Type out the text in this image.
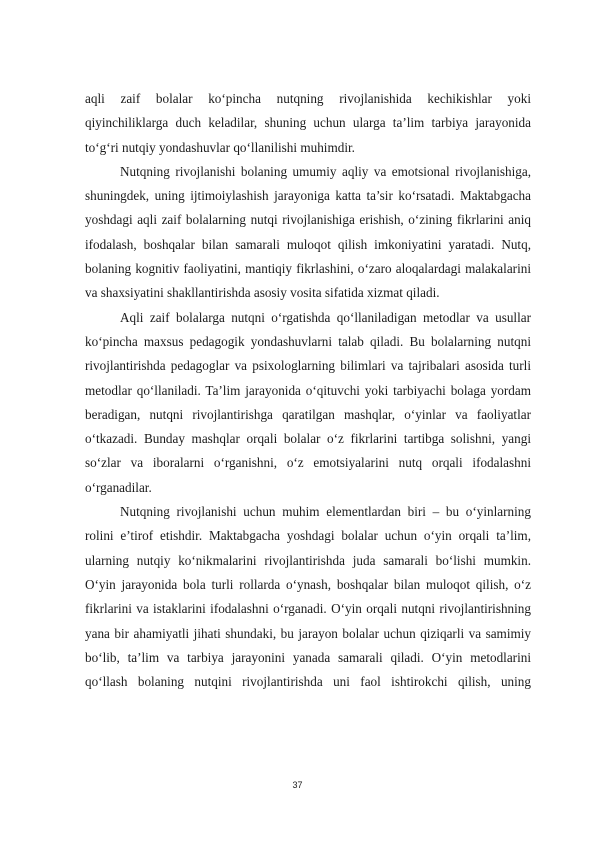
aqli zaif bolalar ko‘pincha nutqning rivojlanishida kechikishlar yoki
qiyinchiliklarga duch keladilar, shuning uchun ularga ta’lim tarbiya jarayonida
to‘g‘ri nutqiy yondashuvlar qo‘llanilishi muhimdir.
Nutqning rivojlanishi bolaning umumiy aqliy va emotsional rivojlanishiga,
shuningdek, uning ijtimoiylashish jarayoniga katta ta’sir ko‘rsatadi. Maktabgacha
yoshdagi aqli zaif bolalarning nutqi rivojlanishiga erishish, o‘zining fikrlarini aniq
ifodalash, boshqalar bilan samarali muloqot qilish imkoniyatini yaratadi. Nutq,
bolaning kognitiv faoliyatini, mantiqiy fikrlashini, o‘zaro aloqalardagi malakalarini
va shaxsiyatini shakllantirishda asosiy vosita sifatida xizmat qiladi.
Aqli zaif bolalarga nutqni o‘rgatishda qo‘llaniladigan metodlar va usullar
ko‘pincha maxsus pedagogik yondashuvlarni talab qiladi. Bu bolalarning nutqni
rivojlantirishda pedagoglar va psixologlarning bilimlari va tajribalari asosida turli
metodlar qo‘llaniladi. Ta’lim jarayonida o‘qituvchi yoki tarbiyachi bolaga yordam
beradigan, nutqni rivojlantirishga qaratilgan mashqlar, o‘yinlar va faoliyatlar
o‘tkazadi. Bunday mashqlar orqali bolalar o‘z fikrlarini tartibga solishni, yangi
so‘zlar va iboralarni o‘rganishni, o‘z emotsiyalarini nutq orqali ifodalashni
o‘rganadilar.
Nutqning rivojlanishi uchun muhim elementlardan biri – bu o‘yinlarning
rolini e’tirof etishdir. Maktabgacha yoshdagi bolalar uchun o‘yin orqali ta’lim,
ularning nutqiy ko‘nikmalarini rivojlantirishda juda samarali bo‘lishi mumkin.
O‘yin jarayonida bola turli rollarda o‘ynash, boshqalar bilan muloqot qilish, o‘z
fikrlarini va istaklarini ifodalashni o‘rganadi. O‘yin orqali nutqni rivojlantirishning
yana bir ahamiyatli jihati shundaki, bu jarayon bolalar uchun qiziqarli va samimiy
bo‘lib, ta’lim va tarbiya jarayonini yanada samarali qiladi. O‘yin metodlarini
qo‘llash bolaning nutqini rivojlantirishda uni faol ishtirokchi qilish, uning
37
